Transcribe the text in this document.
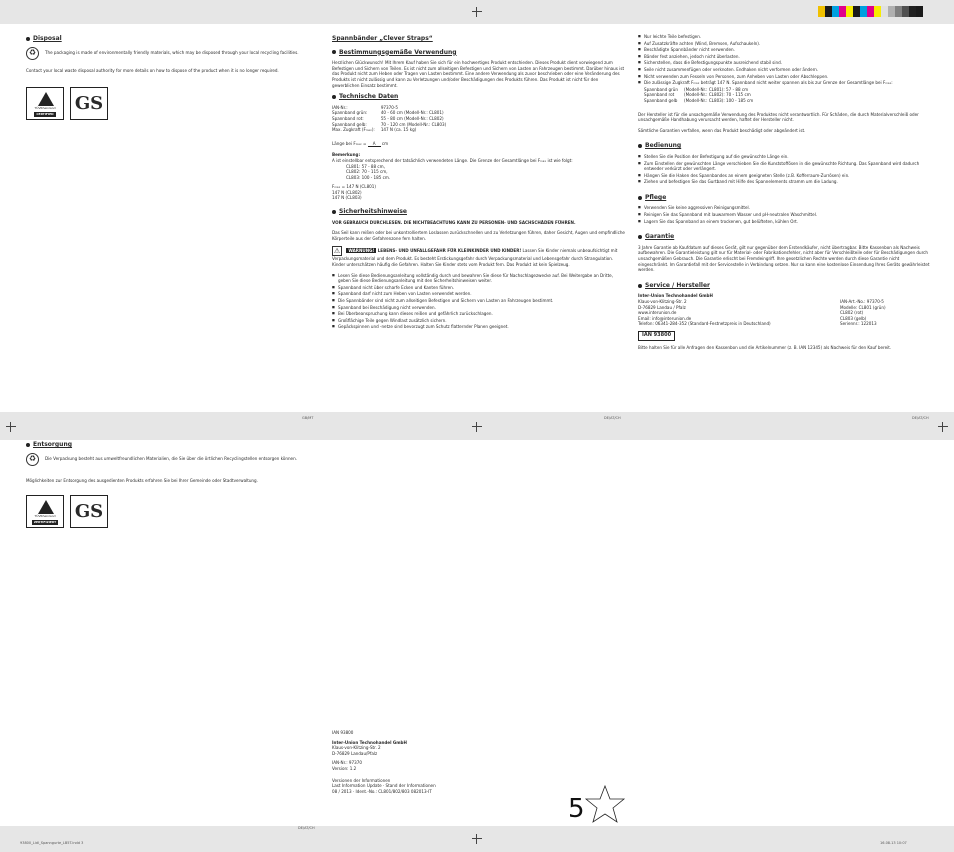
Disposal
♻	The packaging is made of environmentally friendly materials, which may be disposed through your local recycling facilities.

Contact your local waste disposal authority for more details on how to dispose of the product when it is no longer required.

TÜVRheinland
CERTIFIED GS
Spannbänder „Clever Straps“
Bestimmungsgemäße Verwendung

Herzlichen Glückwunsch! Mit Ihrem Kauf haben Sie sich für ein hochwertiges Produkt entschieden. Dieses Produkt dient vorwiegend zum Befestigen und Sichern von Teilen. Es ist nicht zum allseitigen Befestigen und Sichern von Lasten an Fahrzeugen bestimmt. Darüber hinaus ist das Produkt nicht zum Heben oder Tragen von Lasten bestimmt. Eine andere Verwendung als zuvor beschrieben oder eine Veränderung des Produkts ist nicht zulässig und kann zu Verletzungen und/oder Beschädigungen des Produkts führen. Das Produkt ist nicht für den gewerblichen Einsatz bestimmt.

Technische Daten
IAN-Nr.:	97370-5
Spannband grün:	40 - 60 cm (Modell-Nr.: CL801)
Spannband rot:	55 - 80 cm (Modell-Nr.: CL802)
Spannband gelb:	70 - 120 cm (Modell-Nr.: CL803)
Max. Zugkraft (Fₘₐₓ):	147 N (ca. 15 kg)

Länge bei Fₘₐₓ = A cm

Bemerkung:
A ist einstellbar entsprechend der tatsächlich verwendeten Länge. Die Grenze der Gesamtlänge bei Fₘₐₓ ist wie folgt:
CL801: 57 - 88 cm,
CL802: 70 - 115 cm,
CL803: 100 - 185 cm.
Fₘₐₓ = 147 N (CL801)
147 N (CL802)
147 N (CL803)
Sicherheitshinweise

VOR GEBRAUCH DURCHLESEN. DIE NICHTBEACHTUNG KANN ZU PERSONEN- UND SACHSCHÄDEN FÜHREN.

Das Seil kann reißen oder bei unkontrolliertem Loslassen zurückschnellen und zu Verletzungen führen, daher Gesicht, Augen und empfindliche Körperteile aus der Gefahrenzone fern halten.

⚠ WARNUNG! LEBENS- UND UNFALLGEFAHR FÜR KLEINKINDER UND KINDER! Lassen Sie Kinder niemals unbeaufsichtigt mit Verpackungsmaterial und dem Produkt. Es besteht Erstickungsgefahr durch Verpackungsmaterial und Lebensgefahr durch Strangulation. Kinder unterschätzen häufig die Gefahren. Halten Sie Kinder stets vom Produkt fern. Das Produkt ist kein Spielzeug.

■ Lesen Sie diese Bedienungsanleitung vollständig durch und bewahren Sie diese für Nachschlagezwecke auf. Bei Weitergabe an Dritte, geben Sie diese Bedienungsanleitung mit den Sicherheitshinweisen weiter.
■ Spannband nicht über scharfe Ecken und Kanten führen.
■ Spannband darf nicht zum Heben von Lasten verwendet werden.
■ Die Spannbänder sind nicht zum allseitigen Befestigen und Sichern von Lasten an Fahrzeugen bestimmt.
■ Spannband bei Beschädigung nicht verwenden.
■ Bei Überbeanspruchung kann dieses reißen und gefährlich zurückschlagen.
■ Großflächige Teile gegen Windlast zusätzlich sichern.
■ Gepäckspinnen und -netze sind bevorzugt zum Schutz flatternder Planen geeignet.
IAN 93800
Inter-Union Technohandel GmbH
Klaus-von-Klitzing-Str. 2
D-76829 Landau/Pfalz
IAN-Nr.: 97370
Version: 1.2
Versionen der Informationen
Last Information Update · Stand der Informationen
08 / 2013 · Ident.-No.: CL801/802/803 082013-IT
5
■ Nur leichte Teile befestigen.
■ Auf Zusatzkräfte achten (Wind, Bremsen, Aufschaukeln).
■ Beschädigte Spannbänder nicht verwenden.
■ Bänder fest anziehen, jedoch nicht überlasten.
■ Sicherstellen, dass die Befestigungspunkte ausreichend stabil sind.
■ Seile nicht zusammenfügen oder verknoten. Endhaken nicht verformen oder ändern.
■ Nicht verwenden zum Fesseln von Personen, zum Anheben von Lasten oder Abschleppen.
■ Die zulässige Zugkraft Fₘₐₓ beträgt 147 N. Spannband nicht weiter spannen als bis zur Grenze der Gesamtlänge bei Fₘₐₓ:
Spannband grün	(Modell-Nr.: CL801): 57 - 88 cm
Spannband rot	(Modell-Nr.: CL802): 70 - 115 cm
Spannband gelb	(Modell-Nr.: CL803): 100 - 185 cm

Der Hersteller ist für die unsachgemäße Verwendung des Produktes nicht verantwortlich. Für Schäden, die durch Materialverschleiß oder unsachgemäße Handhabung verursacht werden, haftet der Hersteller nicht.

Sämtliche Garantien verfallen, wenn das Produkt beschädigt oder abgeändert ist.

Bedienung
■ Stellen Sie die Position der Befestigung auf die gewünschte Länge ein.
■ Zum Einstellen der gewünschten Länge verschieben Sie die Kunststoffösen in die gewünschte Richtung. Das Spannband wird dadurch entweder verkürzt oder verlängert.
■ Hängen Sie die Haken des Spannbandes an einem geeigneten Stelle (z.B. Kofferraum-Zurrösen) ein.
■ Ziehen und befestigen Sie das Gurtband mit Hilfe des Spannelements stramm um die Ladung.
Pflege
■ Verwenden Sie keine aggressiven Reinigungsmittel.
■ Reinigen Sie das Spannband mit lauwarmem Wasser und pH-neutralen Waschmittel.
■ Lagern Sie das Spannband an einem trockenen, gut belüfteten, kühlen Ort.
Garantie

3 Jahre Garantie ab Kaufdatum auf dieses Gerät, gilt nur gegenüber dem Erstendkäufer, nicht übertragbar. Bitte Kassenbon als Nachweis aufbewahren. Die Garantieleistung gilt nur für Material- oder Fabrikationsfehler, nicht aber für Verschleißteile oder für Beschädigungen durch unsachgemäßen Gebrauch. Die Garantie erlischt bei Fremdeingriff. Ihre gesetzlichen Rechte werden durch diese Garantie nicht eingeschränkt. Im Garantiefall mit der Servicestelle in Verbindung setzen. Nur so kann eine kostenlose Einsendung Ihres Geräts gewährleistet werden.

Service / Hersteller
Inter-Union Technohandel GmbH
Klaus-von-Klitzing-Str. 2
D-76829 Landau / Pfalz
www.interunion.de
Email: info@interunion.de
Telefon: 06341-284-352 (Standard-Festnetzpreis in Deutschland)
IAN-Art.-No.: 97370-5
Modelle: CL801 (grün)
CL802 (rot)
CL803 (gelb)
Seriennr.: 122013
IAN 93800

Bitte halten Sie für alle Anfragen den Kassenbon und die Artikelnummer (z. B. IAN 12345) als Nachweis für den Kauf bereit.

Entsorgung
♻	Die Verpackung besteht aus umweltfreundlichen Materialien, die Sie über die örtlichen Recyclingstellen entsorgen können.

Möglichkeiten zur Entsorgung des ausgedienten Produkts erfahren Sie bei Ihrer Gemeinde oder Stadtverwaltung.

TÜVRheinland
ZERTIFIZIERT GS
GB/MT	DE/AT/CH	DE/AT/CH
DE/AT/CH
93800_Lidl_Spanngurte_LB5T.indd 3	16.08.13 10:07
